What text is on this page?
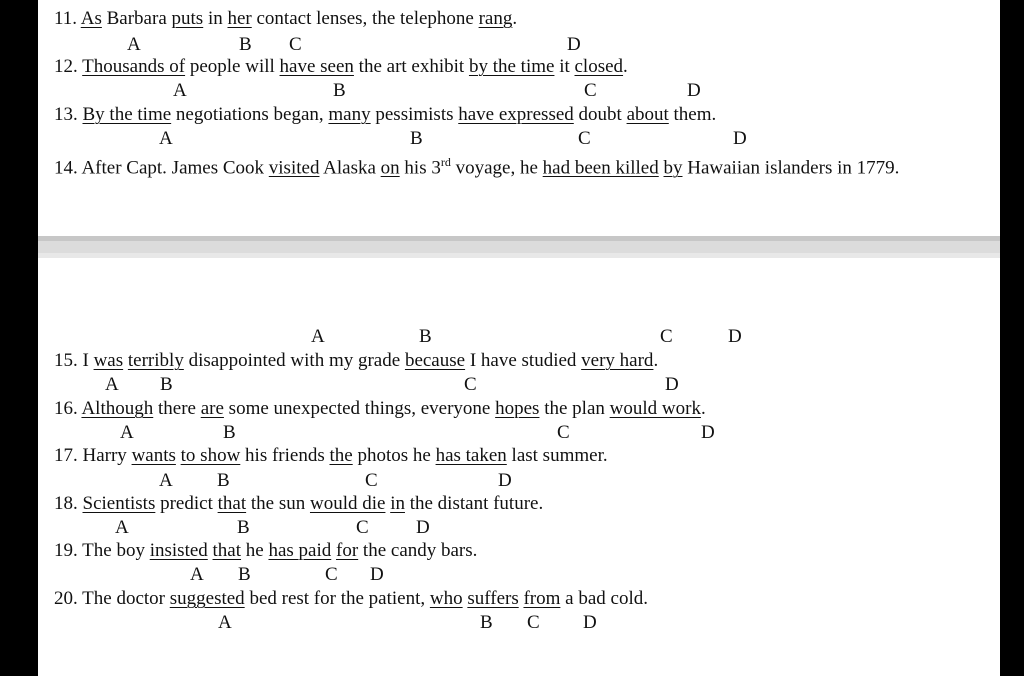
11. As Barbara puts in her contact lenses, the telephone rang.
A	B C	D
12. Thousands of people will have seen the art exhibit by the time it closed.
A	B	C	D
13. By the time negotiations began, many pessimists have expressed doubt about them.
A	B	C	D
14. After Capt. James Cook visited Alaska on his 3rd voyage, he had been killed by Hawaiian islanders in 1779.
15. I was terribly disappointed with my grade because I have studied very hard.
A B	C	D
16. Although there are some unexpected things, everyone hopes the plan would work.
A	B	C	D
17. Harry wants to show his friends the photos he has taken last summer.
A B	C	D
18. Scientists predict that the sun would die in the distant future.
A	B	C D
19. The boy insisted that he has paid for the candy bars.
A B	C D
20. The doctor suggested bed rest for the patient, who suffers from a bad cold.
A	B C D
A	B	C	D
